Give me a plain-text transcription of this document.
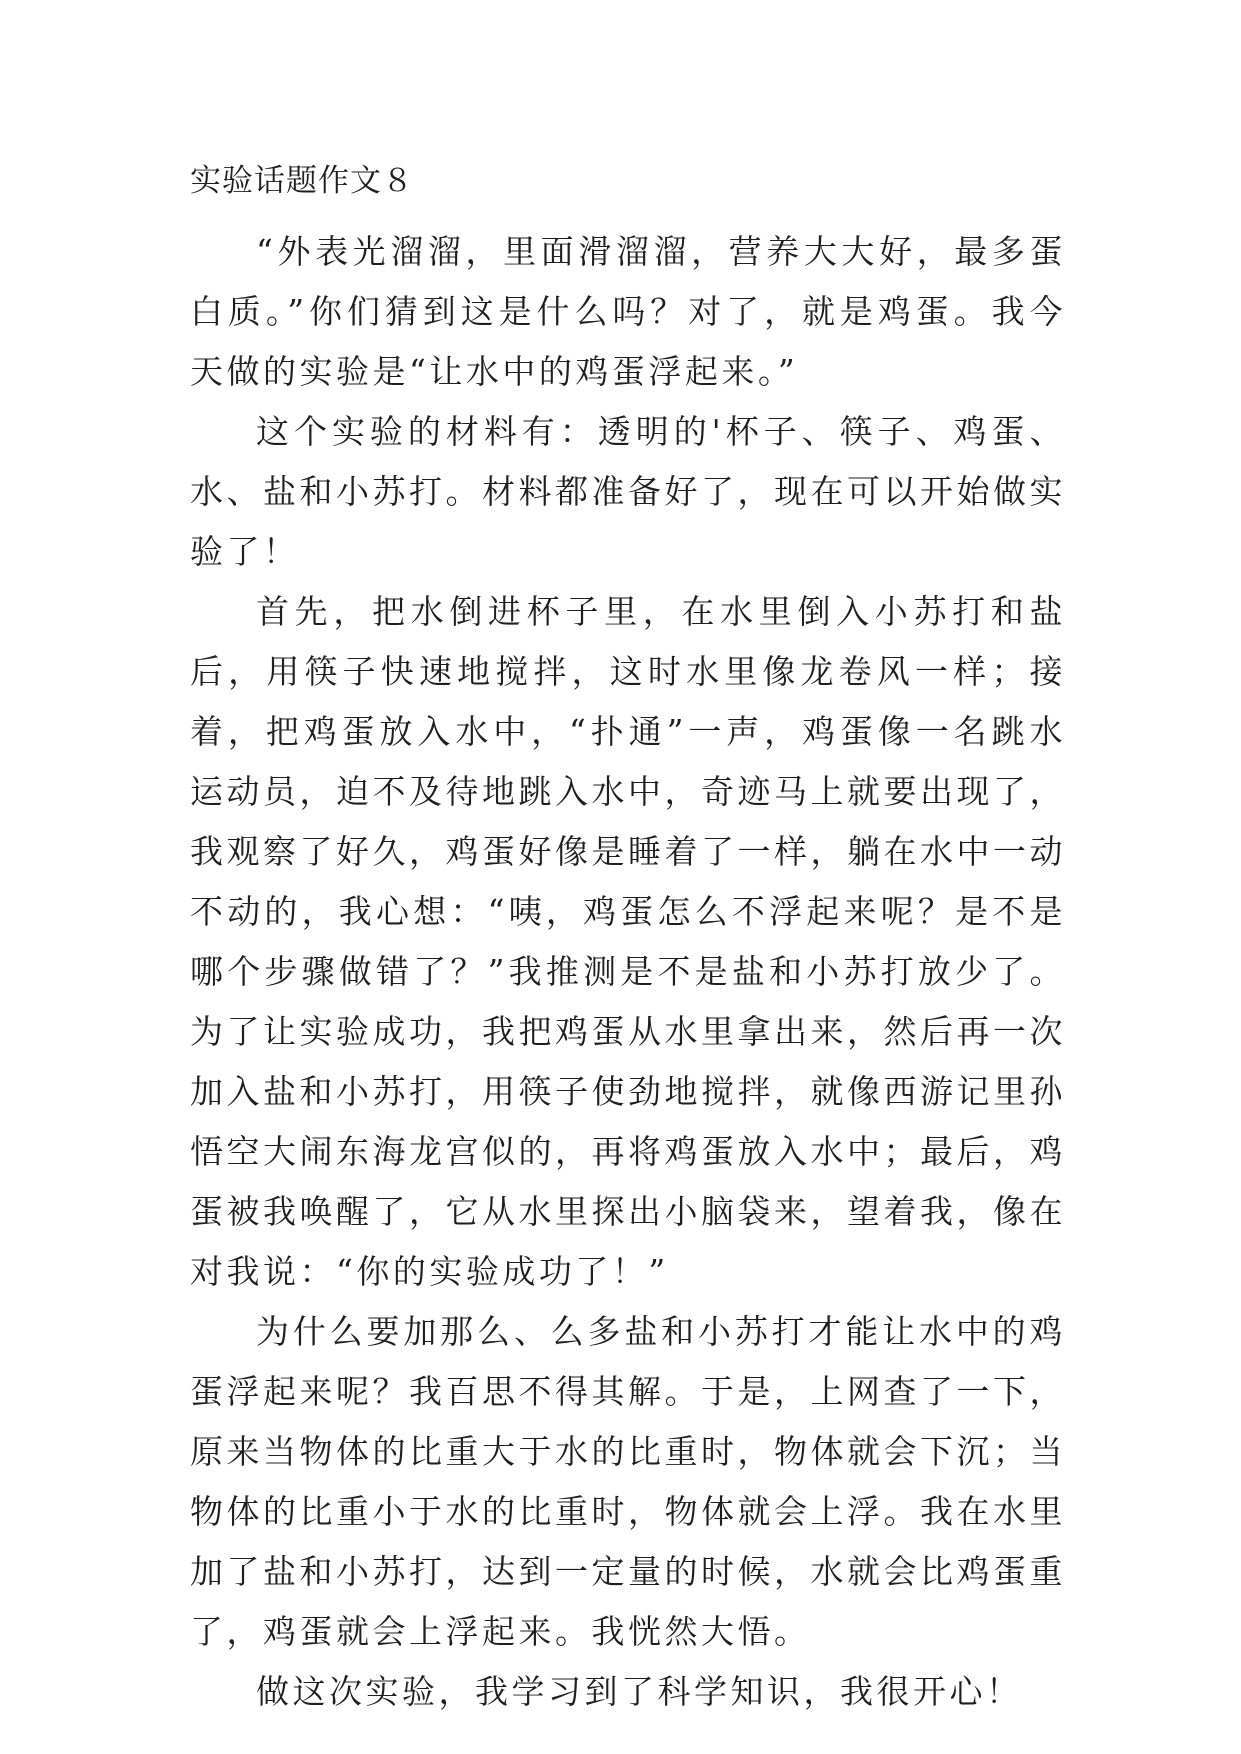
实验话题作文８

“外表光溜溜，里面滑溜溜，营养大大好，最多蛋白质。”你们猜到这是什么吗？对了，就是鸡蛋。我今天做的实验是“让水中的鸡蛋浮起来。”

这个实验的材料有：透明的'杯子、筷子、鸡蛋、水、盐和小苏打。材料都准备好了，现在可以开始做实验了！

首先，把水倒进杯子里，在水里倒入小苏打和盐后，用筷子快速地搅拌，这时水里像龙卷风一样；接着，把鸡蛋放入水中，“扑通”一声，鸡蛋像一名跳水运动员，迫不及待地跳入水中，奇迹马上就要出现了，我观察了好久，鸡蛋好像是睡着了一样，躺在水中一动不动的，我心想：“咦，鸡蛋怎么不浮起来呢？是不是哪个步骤做错了？”我推测是不是盐和小苏打放少了。为了让实验成功，我把鸡蛋从水里拿出来，然后再一次加入盐和小苏打，用筷子使劲地搅拌，就像西游记里孙悟空大闹东海龙宫似的，再将鸡蛋放入水中；最后，鸡蛋被我唤醒了，它从水里探出小脑袋来，望着我，像在对我说：“你的实验成功了！”

为什么要加那么、么多盐和小苏打才能让水中的鸡蛋浮起来呢？我百思不得其解。于是，上网查了一下，原来当物体的比重大于水的比重时，物体就会下沉；当物体的比重小于水的比重时，物体就会上浮。我在水里加了盐和小苏打，达到一定量的时候，水就会比鸡蛋重了，鸡蛋就会上浮起来。我恍然大悟。

做这次实验，我学习到了科学知识，我很开心！
